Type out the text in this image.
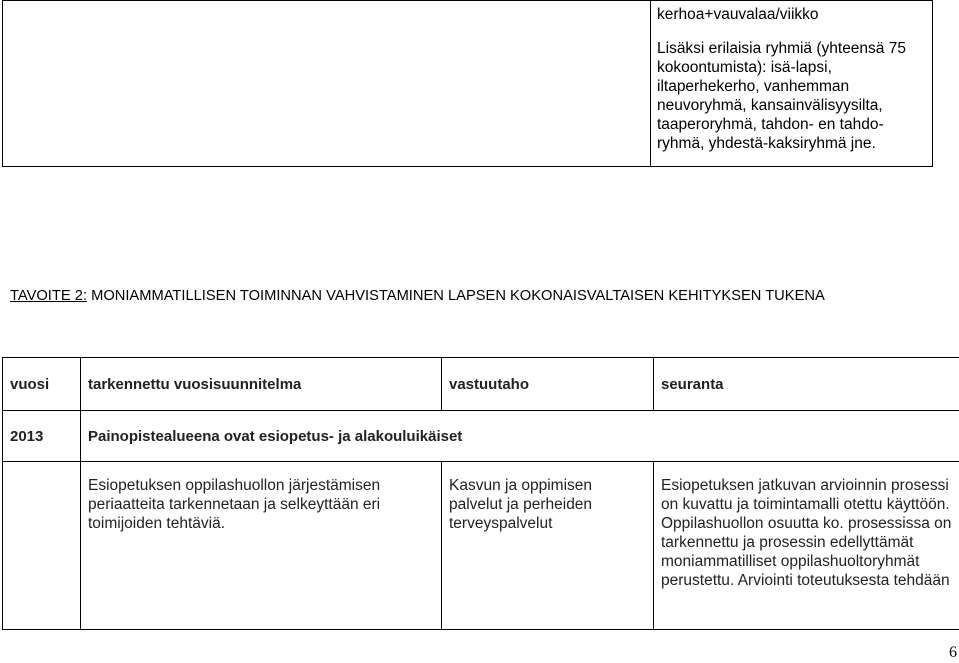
kerhoa+vauvalaa/viikko

Lisäksi erilaisia ryhmiä (yhteensä 75 kokoontumista): isä-lapsi, iltaperhekerho, vanhemman neuvoryhmä, kansainvälisyysilta, taaperoryhmä, tahdon- en tahdo-ryhmä, yhdestä-kaksiryhmä jne.

TAVOITE 2: MONIAMMATILLISEN TOIMINNAN VAHVISTAMINEN LAPSEN KOKONAISVALTAISEN KEHITYKSEN TUKENA
vuosi	tarkennettu vuosisuunnitelma	vastuutaho	seuranta
2013	Painopistealueena ovat esiopetus- ja alakouluikäiset		
	Esiopetuksen oppilashuollon järjestämisen periaatteita tarkennetaan ja selkeyttään eri toimijoiden tehtäviä.	Kasvun ja oppimisen palvelut ja perheiden terveyspalvelut	Esiopetuksen jatkuvan arvioinnin prosessi on kuvattu ja toimintamalli otettu käyttöön. Oppilashuollon osuutta ko. prosessissa on tarkennettu ja prosessin edellyttämät moniammatilliset oppilashuoltoryhmät perustettu. Arviointi toteutuksesta tehdään
6
